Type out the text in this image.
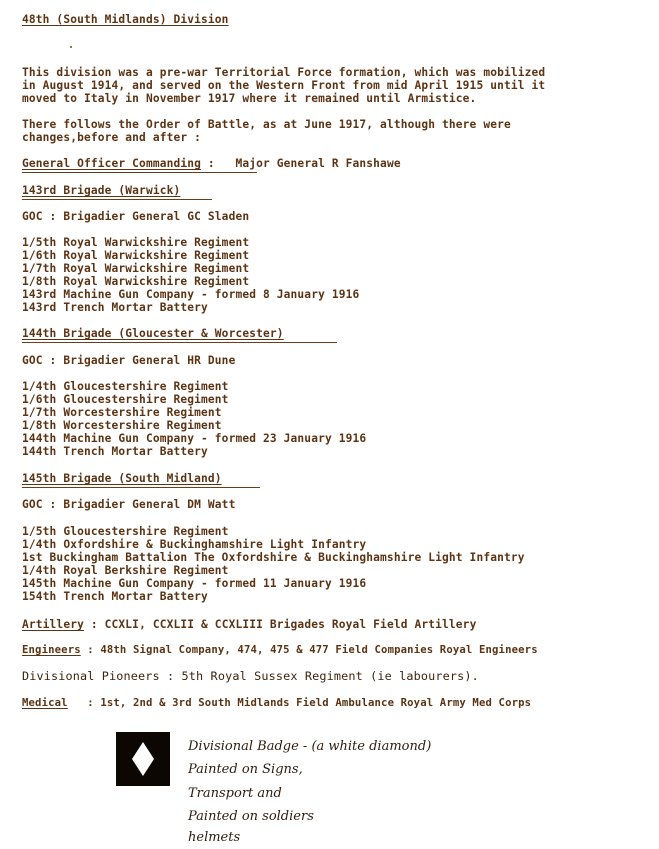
48th (South Midlands) Division
This division was a pre-war Territorial Force formation, which was mobilized
in August 1914, and served on the Western Front from mid April 1915 until it
moved to Italy in November 1917 where it remained until Armistice.
There follows the Order of Battle, as at June 1917, although there were
changes,before and after :
General Officer Commanding :   Major General R Fanshawe
143rd Brigade (Warwick)
GOC : Brigadier General GC Sladen
1/5th Royal Warwickshire Regiment
1/6th Royal Warwickshire Regiment
1/7th Royal Warwickshire Regiment
1/8th Royal Warwickshire Regiment
143rd Machine Gun Company - formed 8 January 1916
143rd Trench Mortar Battery
144th Brigade (Gloucester & Worcester)
GOC : Brigadier General HR Dune
1/4th Gloucestershire Regiment
1/6th Gloucestershire Regiment
1/7th Worcestershire Regiment
1/8th Worcestershire Regiment
144th Machine Gun Company - formed 23 January 1916
144th Trench Mortar Battery
145th Brigade (South Midland)
GOC : Brigadier General DM Watt
1/5th Gloucestershire Regiment
1/4th Oxfordshire & Buckinghamshire Light Infantry
1st Buckingham Battalion The Oxfordshire & Buckinghamshire Light Infantry
1/4th Royal Berkshire Regiment
145th Machine Gun Company - formed 11 January 1916
154th Trench Mortar Battery
Artillery : CCXLI, CCXLII & CCXLIII Brigades Royal Field Artillery
Engineers : 48th Signal Company, 474, 475 & 477 Field Companies Royal Engineers
Divisional Pioneers : 5th Royal Sussex Regiment (ie labourers).
Medical   : 1st, 2nd & 3rd South Midlands Field Ambulance Royal Army Med Corps
Divisional Badge - (a white diamond)
Painted on Signs,
Transport and
Painted on soldiers
helmets
